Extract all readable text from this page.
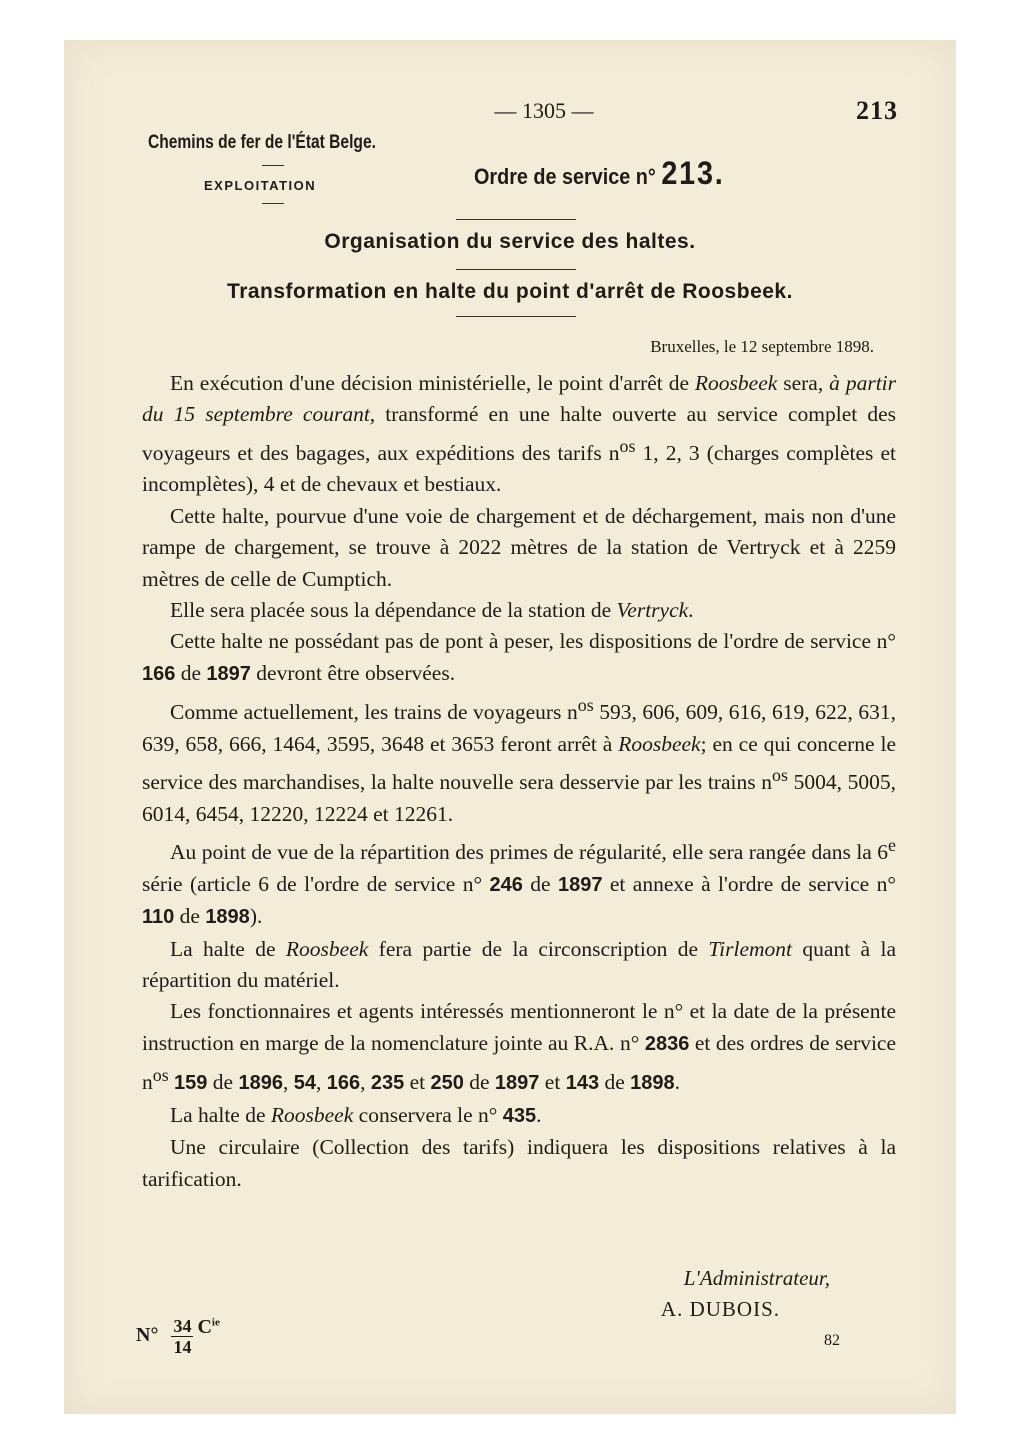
— 1305 —	213
Chemins de fer de l'État Belge.
EXPLOITATION	Ordre de service n° 213.
Organisation du service des haltes.
Transformation en halte du point d'arrêt de Roosbeek.
Bruxelles, le 12 septembre 1898.

En exécution d'une décision ministérielle, le point d'arrêt de Roosbeek sera, à partir du 15 septembre courant, transformé en une halte ouverte au service complet des voyageurs et des bagages, aux expéditions des tarifs $n^{os}$ 1, 2, 3 (charges complètes et incomplètes), 4 et de chevaux et bestiaux.

Cette halte, pourvue d'une voie de chargement et de déchargement, mais non d'une rampe de chargement, se trouve à 2022 mètres de la station de Vertryck et à 2259 mètres de celle de Cumptich.

Elle sera placée sous la dépendance de la station de Vertryck.

Cette halte ne possédant pas de pont à peser, les dispositions de l'ordre de service n° 166 de 1897 devront être observées.

Comme actuellement, les trains de voyageurs $n^{os}$ 593, 606, 609, 616, 619, 622, 631, 639, 658, 666, 1464, 3595, 3648 et 3653 feront arrêt à Roosbeek; en ce qui concerne le service des marchandises, la halte nouvelle sera desservie par les trains $n^{os}$ 5004, 5005, 6014, 6454, 12220, 12224 et 12261.

Au point de vue de la répartition des primes de régularité, elle sera rangée dans la 6e série (article 6 de l'ordre de service n° 246 de 1897 et annexe à l'ordre de service n° 110 de 1898).

La halte de Roosbeek fera partie de la circonscription de Tirlemont quant à la répartition du matériel.

Les fonctionnaires et agents intéressés mentionneront le n° et la date de la présente instruction en marge de la nomenclature jointe au R.A. n° 2836 et des ordres de service $n^{os}$ 159 de 1896, 54, 166, 235 et 250 de 1897 et 143 de 1898.

La halte de Roosbeek conservera le n° 435.

Une circulaire (Collection des tarifs) indiquera les dispositions relatives à la tarification.

L'Administrateur,
A. DUBOIS.
$N^\circ \frac{34}{14} C^{ie}$
82
